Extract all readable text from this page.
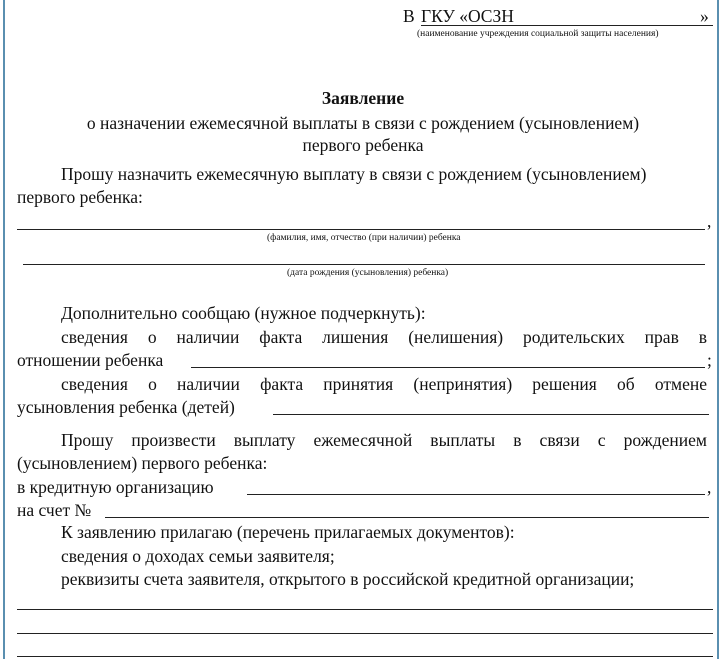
В ГКУ «ОСЗН	»
(наименование учреждения социальной защиты населения)
Заявление
о назначении ежемесячной выплаты в связи с рождением (усыновлением)
первого ребенка
Прошу назначить ежемесячную выплату в связи с рождением (усыновлением)
первого ребенка:
,
(фамилия, имя, отчество (при наличии) ребенка
(дата рождения (усыновления) ребенка)
Дополнительно сообщаю (нужное подчеркнуть):
сведения о наличии факта лишения (нелишения) родительских прав в
отношении ребенка	;
сведения о наличии факта принятия (непринятия) решения об отмене
усыновления ребенка (детей)
Прошу произвести выплату ежемесячной выплаты в связи с рождением
(усыновлением) первого ребенка:
в кредитную организацию	,
на счет №
К заявлению прилагаю (перечень прилагаемых документов):
сведения о доходах семьи заявителя;
реквизиты счета заявителя, открытого в российской кредитной организации;
